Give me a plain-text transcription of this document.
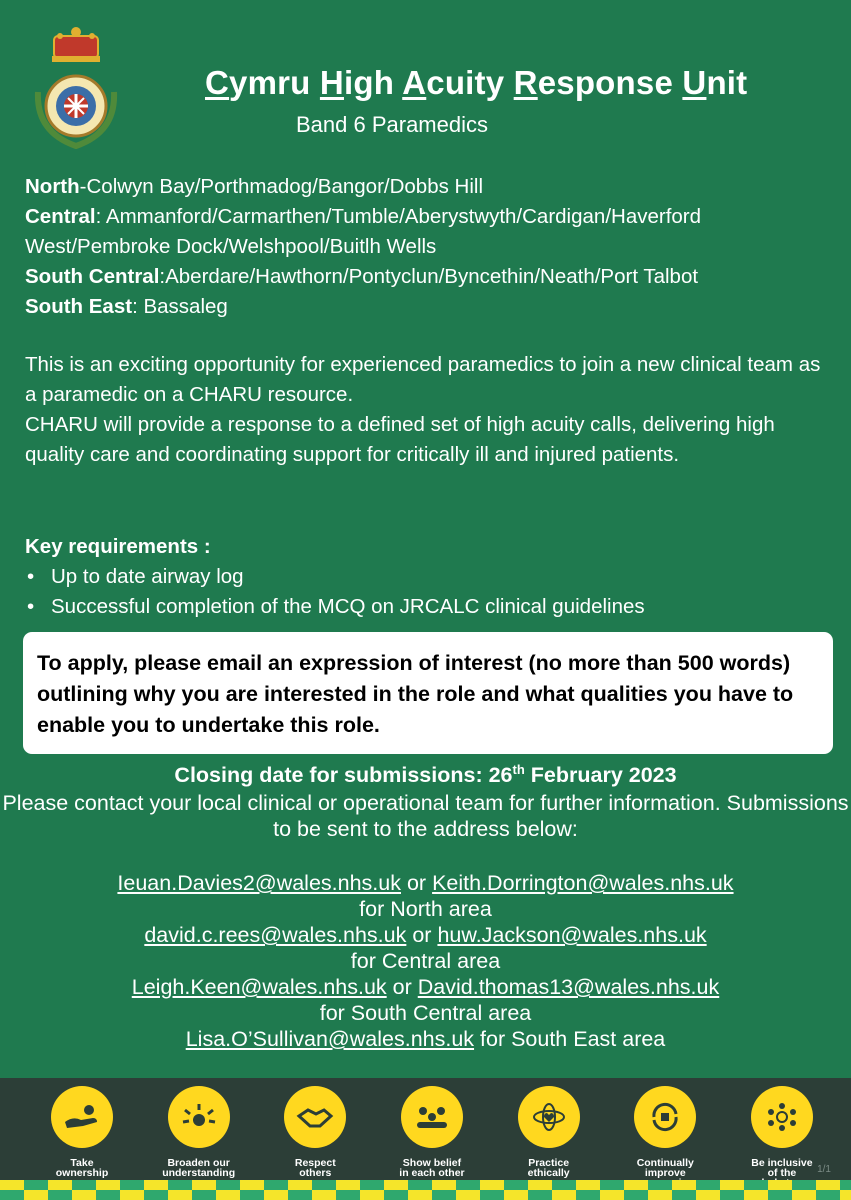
Cymru High Acuity Response Unit
Band 6 Paramedics
North-Colwyn Bay/Porthmadog/Bangor/Dobbs Hill
Central: Ammanford/Carmarthen/Tumble/Aberystwyth/Cardigan/Haverford West/Pembroke Dock/Welshpool/Buitlh Wells
South Central:Aberdare/Hawthorn/Pontyclun/Byncethin/Neath/Port Talbot
South East: Bassaleg

This is an exciting opportunity for experienced paramedics to join a new clinical team as a paramedic on a CHARU resource.

CHARU will provide a response to a defined set of high acuity calls, delivering high quality care and coordinating support for critically ill and injured patients.

Key requirements :
• Up to date airway log
• Successful completion of the MCQ on JRCALC clinical guidelines
To apply, please email an expression of interest (no more than 500 words) outlining why you are interested in the role and what qualities you have to enable you to undertake this role.
Closing date for submissions: 26th February 2023

Please contact your local clinical or operational team for further information. Submissions to be sent to the address below:

Ieuan.Davies2@wales.nhs.uk or Keith.Dorrington@wales.nhs.uk
for North area
david.c.rees@wales.nhs.uk or huw.Jackson@wales.nhs.uk
for Central area
Leigh.Keen@wales.nhs.uk or David.thomas13@wales.nhs.uk
for South Central area
Lisa.O’Sullivan@wales.nhs.uk for South East area
Take
ownership
Broaden our
understanding
Respect
others
Show belief
in each other
Practice
ethically
Continually
improve
Be inclusive
of the	1/1
